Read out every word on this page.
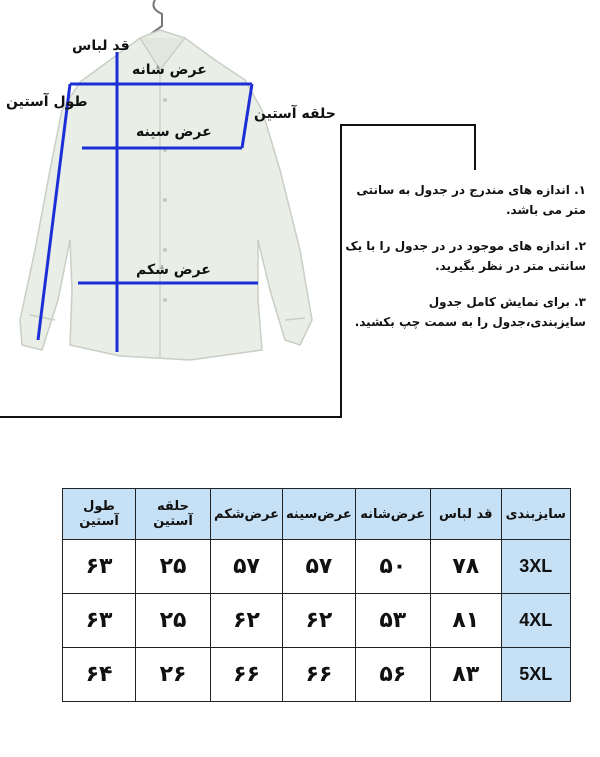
قد لباس
عرض شانه
طول آستین
حلقه آستین
عرض سینه
عرض شکم

۱. اندازه های مندرج در جدول به سانتی متر می باشد.

۲. اندازه های موجود در در جدول را با یک سانتی متر در نظر بگیرید.

۳. برای نمایش کامل جدول سایزبندی،جدول را به سمت چپ بکشید.

سایزبندی	قد لباس	عرض‌شانه	عرض‌سینه	عرض‌شکم	حلقه آستین	طول آستین
3XL	۷۸	۵۰	۵۷	۵۷	۲۵	۶۳
4XL	۸۱	۵۳	۶۲	۶۲	۲۵	۶۳
5XL	۸۳	۵۶	۶۶	۶۶	۲۶	۶۴
